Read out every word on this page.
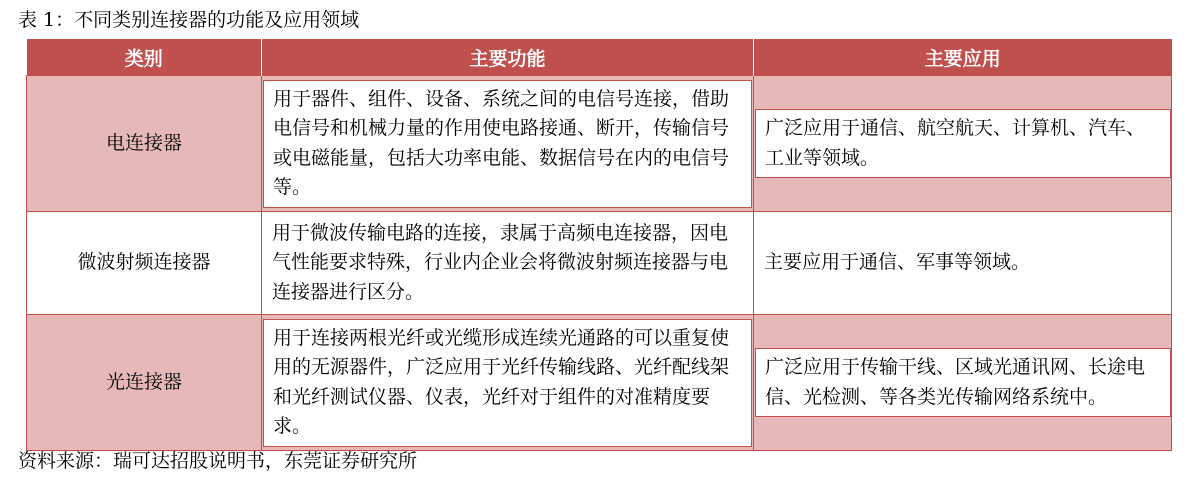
表 1：不同类别连接器的功能及应用领域
类别	主要功能	主要应用
电连接器	用于器件、组件、设备、系统之间的电信号连接，借助电信号和机械力量的作用使电路接通、断开，传输信号或电磁能量，包括大功率电能、数据信号在内的电信号等。	广泛应用于通信、航空航天、计算机、汽车、工业等领域。

微波射频连接器	用于微波传输电路的连接，隶属于高频电连接器，因电气性能要求特殊，行业内企业会将微波射频连接器与电连接器进行区分。	主要应用于通信、军事等领域。
光连接器	用于连接两根光纤或光缆形成连续光通路的可以重复使用的无源器件，广泛应用于光纤传输线路、光纤配线架和光纤测试仪器、仪表，光纤对于组件的对准精度要求。	广泛应用于传输干线、区域光通讯网、长途电信、光检测、等各类光传输网络系统中。
资料来源：瑞可达招股说明书，东莞证券研究所
